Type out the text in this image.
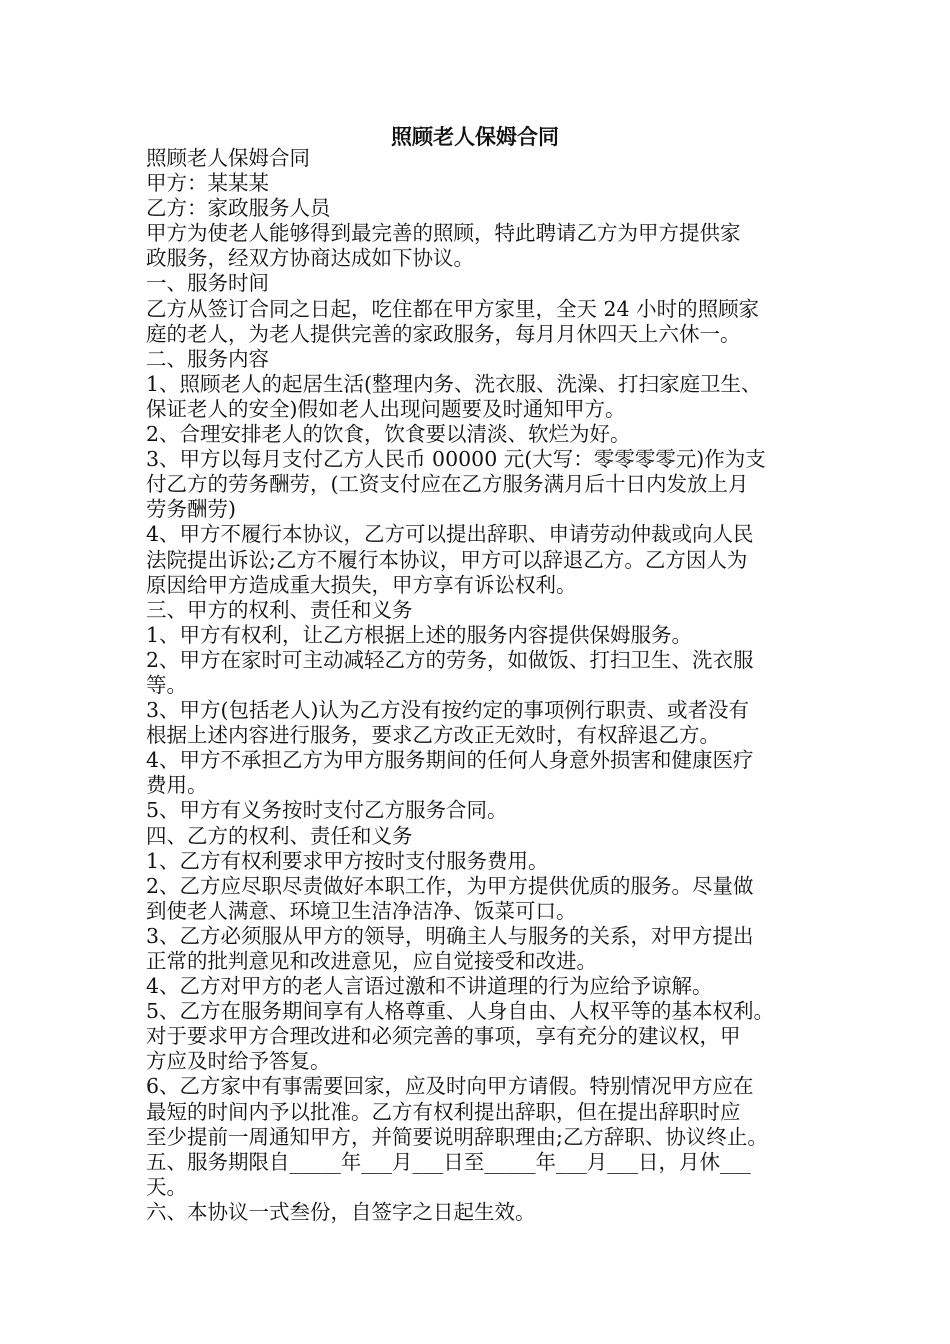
照顾老人保姆合同
照顾老人保姆合同
甲方：某某某
乙方：家政服务人员
甲方为使老人能够得到最完善的照顾，特此聘请乙方为甲方提供家
政服务，经双方协商达成如下协议。
一、服务时间
乙方从签订合同之日起，吃住都在甲方家里，全天 24 小时的照顾家
庭的老人，为老人提供完善的家政服务，每月月休四天上六休一。
二、服务内容
1、照顾老人的起居生活(整理内务、洗衣服、洗澡、打扫家庭卫生、
保证老人的安全)假如老人出现问题要及时通知甲方。
2、合理安排老人的饮食，饮食要以清淡、软烂为好。
3、甲方以每月支付乙方人民币 00000 元(大写：零零零零元)作为支
付乙方的劳务酬劳，(工资支付应在乙方服务满月后十日内发放上月
劳务酬劳)
4、甲方不履行本协议，乙方可以提出辞职、申请劳动仲裁或向人民
法院提出诉讼;乙方不履行本协议，甲方可以辞退乙方。乙方因人为
原因给甲方造成重大损失，甲方享有诉讼权利。
三、甲方的权利、责任和义务
1、甲方有权利，让乙方根据上述的服务内容提供保姆服务。
2、甲方在家时可主动减轻乙方的劳务，如做饭、打扫卫生、洗衣服
等。
3、甲方(包括老人)认为乙方没有按约定的事项例行职责、或者没有
根据上述内容进行服务，要求乙方改正无效时，有权辞退乙方。
4、甲方不承担乙方为甲方服务期间的任何人身意外损害和健康医疗
费用。
5、甲方有义务按时支付乙方服务合同。
四、乙方的权利、责任和义务
1、乙方有权利要求甲方按时支付服务费用。
2、乙方应尽职尽责做好本职工作，为甲方提供优质的服务。尽量做
到使老人满意、环境卫生洁净洁净、饭菜可口。
3、乙方必须服从甲方的领导，明确主人与服务的关系，对甲方提出
正常的批判意见和改进意见，应自觉接受和改进。
4、乙方对甲方的老人言语过激和不讲道理的行为应给予谅解。
5、乙方在服务期间享有人格尊重、人身自由、人权平等的基本权利。
对于要求甲方合理改进和必须完善的事项，享有充分的建议权，甲
方应及时给予答复。
6、乙方家中有事需要回家，应及时向甲方请假。特别情况甲方应在
最短的时间内予以批准。乙方有权利提出辞职，但在提出辞职时应
至少提前一周通知甲方，并简要说明辞职理由;乙方辞职、协议终止。
五、服务期限自_____年___月___日至_____年___月___日，月休___
天。
六、本协议一式叁份，自签字之日起生效。
